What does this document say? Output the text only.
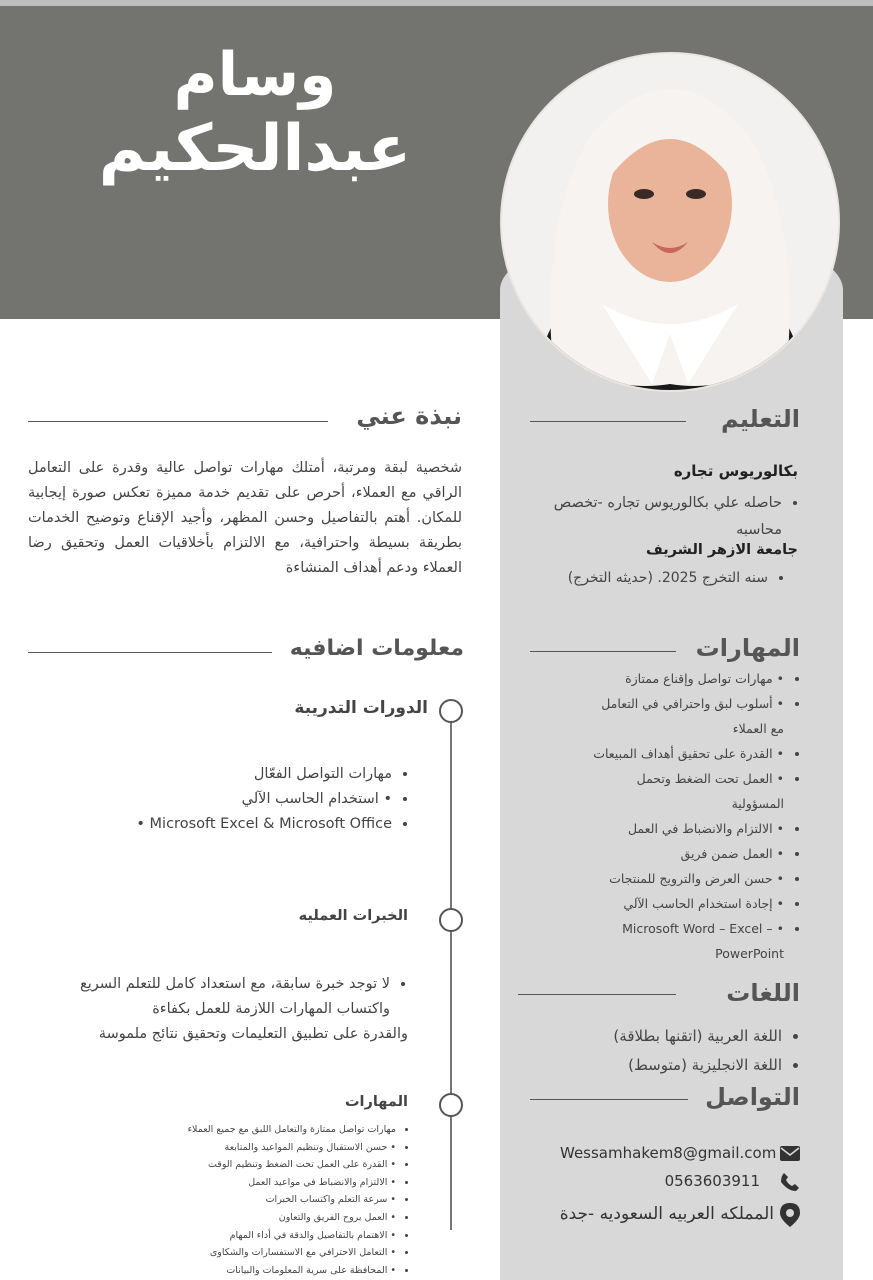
وسام
عبدالحكيم
نبذة عني
شخصية لبقة ومرتبة، أمتلك مهارات تواصل عالية وقدرة على التعامل الراقي مع العملاء، أحرص على تقديم خدمة مميزة تعكس صورة إيجابية للمكان. أهتم بالتفاصيل وحسن المظهر، وأجيد الإقناع وتوضيح الخدمات بطريقة بسيطة واحترافية، مع الالتزام بأخلاقيات العمل وتحقيق رضا العملاء ودعم أهداف المنشاءة
التعليم
بكالوريوس تجاره
• حاصله علي بكالوريوس تجاره -تخصص محاسبه
جامعة الازهر الشريف
• سنه التخرج 2025. (حديثه التخرج)
المهارات
• • مهارات تواصل وإقناع ممتازة
• • أسلوب لبق واحترافي في التعامل مع العملاء
• • القدرة على تحقيق أهداف المبيعات
• • العمل تحت الضغط وتحمل المسؤولية
• • الالتزام والانضباط في العمل
• • العمل ضمن فريق
• • حسن العرض والترويج للمنتجات
• • إجادة استخدام الحاسب الآلي
• • Microsoft Word – Excel – PowerPoint
اللغات
• اللغة العربية (اتقنها بطلاقة)
• اللغة الانجليزية (متوسط)
التواصل
Wessamhakem8@gmail.com
0563603911
المملكه العربيه السعوديه -جدة
معلومات اضافيه
الدورات التدريبة
• مهارات التواصل الفعّال
• • استخدام الحاسب الآلي
• Microsoft Excel & Microsoft Office •
الخبرات العمليه
• لا توجد خبرة سابقة، مع استعداد كامل للتعلم السريع
واكتساب المهارات اللازمة للعمل بكفاءة
والقدرة على تطبيق التعليمات وتحقيق نتائج ملموسة
المهارات
• مهارات تواصل ممتازة والتعامل اللبق مع جميع العملاء
• • حسن الاستقبال وتنظيم المواعيد والمتابعة
• • القدرة على العمل تحت الضغط وتنظيم الوقت
• • الالتزام والانضباط في مواعيد العمل
• • سرعة التعلم واكتساب الخبرات
• • العمل بروح الفريق والتعاون
• • الاهتمام بالتفاصيل والدقة في أداء المهام
• • التعامل الاحترافي مع الاستفسارات والشكاوى
• • المحافظة على سرية المعلومات والبيانات
